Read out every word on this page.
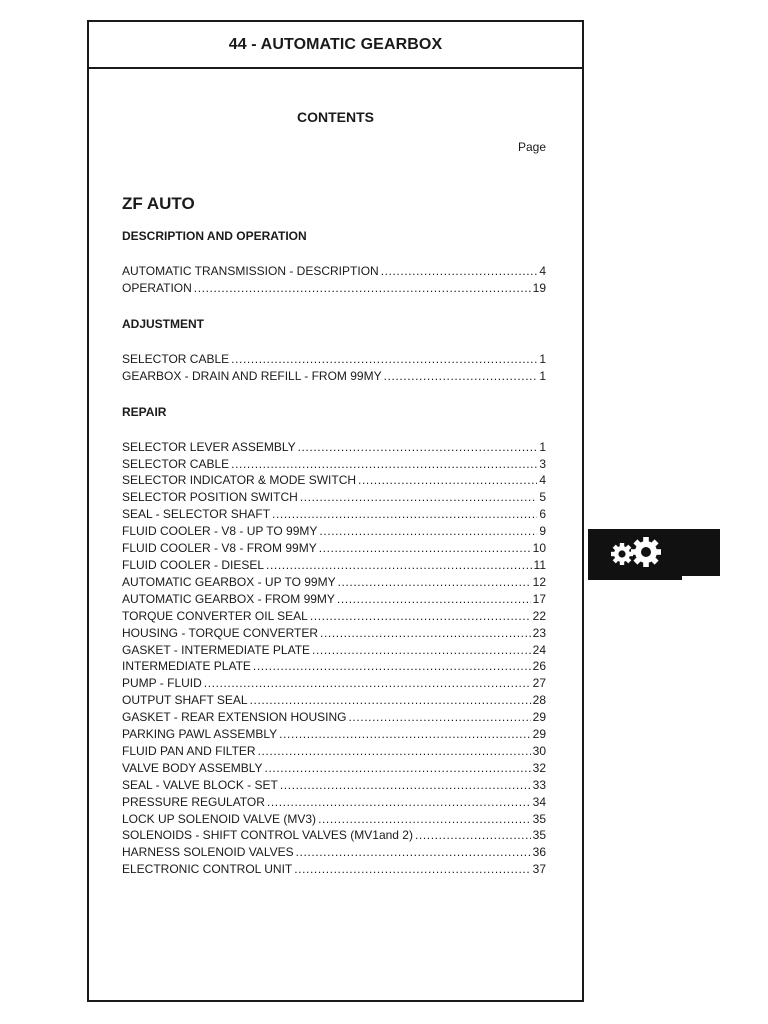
44 - AUTOMATIC GEARBOX
CONTENTS
Page
ZF AUTO
DESCRIPTION AND OPERATION
AUTOMATIC TRANSMISSION - DESCRIPTION .....	4
OPERATION .....	19
ADJUSTMENT
SELECTOR CABLE .....	1
GEARBOX - DRAIN AND REFILL - FROM 99MY .....	1
REPAIR
SELECTOR LEVER ASSEMBLY .....	1
SELECTOR CABLE .....	3
SELECTOR INDICATOR & MODE SWITCH .....	4
SELECTOR POSITION SWITCH .....	5
SEAL - SELECTOR SHAFT .....	6
FLUID COOLER - V8 - UP TO 99MY .....	9
FLUID COOLER - V8 - FROM 99MY .....	10
FLUID COOLER - DIESEL .....	11
AUTOMATIC GEARBOX - UP TO 99MY .....	12
AUTOMATIC GEARBOX - FROM 99MY .....	17
TORQUE CONVERTER OIL SEAL .....	22
HOUSING - TORQUE CONVERTER .....	23
GASKET - INTERMEDIATE PLATE .....	24
INTERMEDIATE PLATE .....	26
PUMP - FLUID .....	27
OUTPUT SHAFT SEAL .....	28
GASKET - REAR EXTENSION HOUSING .....	29
PARKING PAWL ASSEMBLY .....	29
FLUID PAN AND FILTER .....	30
VALVE BODY ASSEMBLY .....	32
SEAL - VALVE BLOCK - SET .....	33
PRESSURE REGULATOR .....	34
LOCK UP SOLENOID VALVE (MV3) .....	35
SOLENOIDS - SHIFT CONTROL VALVES (MV1and 2) .....	35
HARNESS SOLENOID VALVES .....	36
ELECTRONIC CONTROL UNIT .....	37
